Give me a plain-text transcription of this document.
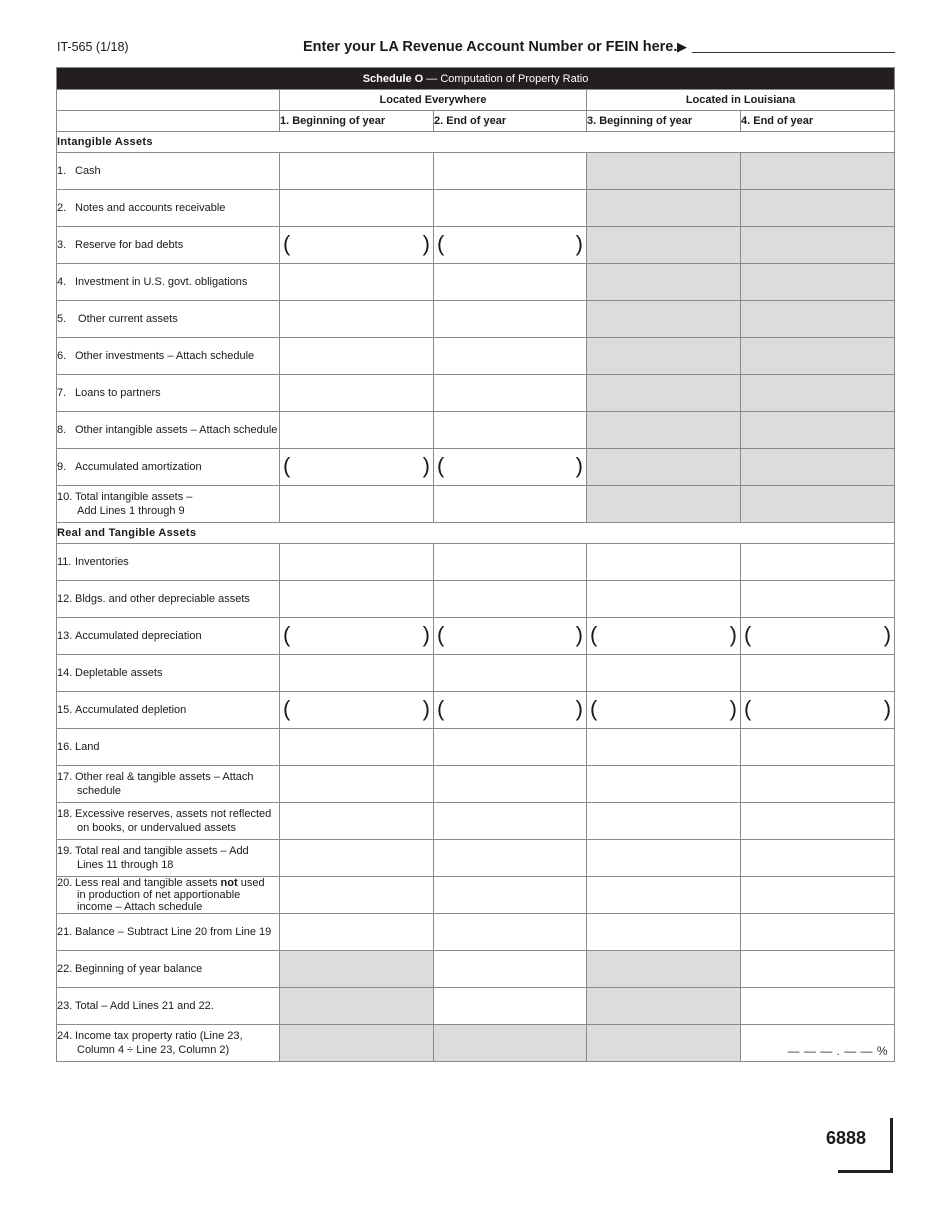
IT-565 (1/18)	Enter your LA Revenue Account Number or FEIN here. ▶
Schedule O — Computation of Property Ratio				
	Located Everywhere		Located in Louisiana	
	1. Beginning of year	2. End of year	3. Beginning of year	4. End of year
Intangible Assets				
1. Cash				
2. Notes and accounts receivable				
3. Reserve for bad debts	( )	( )		

4. Investment in U.S. govt. obligations				
5. Other current assets				
6. Other investments – Attach schedule				
7. Loans to partners				
8. Other intangible assets – Attach schedule				
9. Accumulated amortization	( )	( )		

10. Total intangible assets –
Add Lines 1 through 9				

Real and Tangible Assets				
11. Inventories				
12. Bldgs. and other depreciable assets				
13. Accumulated depreciation	( )	( )	( )	( )

14. Depletable assets				
15. Accumulated depletion	( )	( )	( )	( )

16. Land				
17. Other real & tangible assets – Attach
schedule				

18. Excessive reserves, assets not reflected
on books, or undervalued assets				

19. Total real and tangible assets – Add
Lines 11 through 18				

20. Less real and tangible assets not used
in production of net apportionable
income – Attach schedule				

21. Balance – Subtract Line 20 from Line 19				
22. Beginning of year balance				
23. Total – Add Lines 21 and 22.				
24. Income tax property ratio (Line 23,
Column 4 ÷ Line 23, Column 2)				— — — . — — %
6888
